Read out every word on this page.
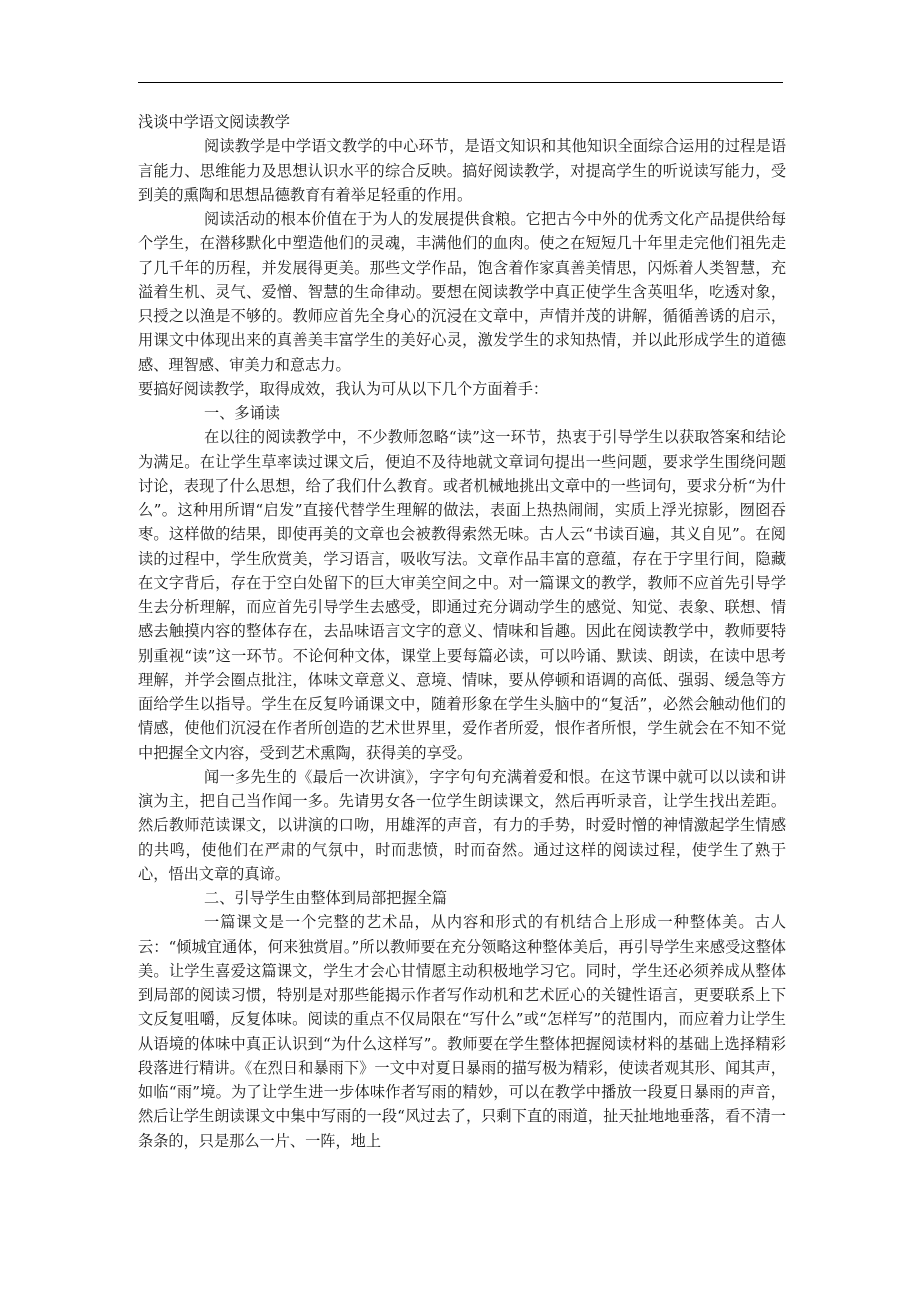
浅谈中学语文阅读教学

阅读教学是中学语文教学的中心环节，是语文知识和其他知识全面综合运用的过程是语言能力、思维能力及思想认识水平的综合反映。搞好阅读教学，对提高学生的听说读写能力，受到美的熏陶和思想品德教育有着举足轻重的作用。

阅读活动的根本价值在于为人的发展提供食粮。它把古今中外的优秀文化产品提供给每个学生，在潜移默化中塑造他们的灵魂，丰满他们的血肉。使之在短短几十年里走完他们祖先走了几千年的历程，并发展得更美。那些文学作品，饱含着作家真善美情思，闪烁着人类智慧，充溢着生机、灵气、爱憎、智慧的生命律动。要想在阅读教学中真正使学生含英咀华，吃透对象，只授之以渔是不够的。教师应首先全身心的沉浸在文章中，声情并茂的讲解，循循善诱的启示，用课文中体现出来的真善美丰富学生的美好心灵，激发学生的求知热情，并以此形成学生的道德感、理智感、审美力和意志力。

要搞好阅读教学，取得成效，我认为可从以下几个方面着手：

一、多诵读

在以往的阅读教学中，不少教师忽略“读”这一环节，热衷于引导学生以获取答案和结论为满足。在让学生草率读过课文后，便迫不及待地就文章词句提出一些问题，要求学生围绕问题讨论，表现了什么思想，给了我们什么教育。或者机械地挑出文章中的一些词句，要求分析“为什么”。这种用所谓“启发”直接代替学生理解的做法，表面上热热闹闹，实质上浮光掠影，囫囵吞枣。这样做的结果，即使再美的文章也会被教得索然无味。古人云“书读百遍，其义自见”。在阅读的过程中，学生欣赏美，学习语言，吸收写法。文章作品丰富的意蕴，存在于字里行间，隐藏在文字背后，存在于空白处留下的巨大审美空间之中。对一篇课文的教学，教师不应首先引导学生去分析理解，而应首先引导学生去感受，即通过充分调动学生的感觉、知觉、表象、联想、情感去触摸内容的整体存在，去品味语言文字的意义、情味和旨趣。因此在阅读教学中，教师要特别重视“读”这一环节。不论何种文体，课堂上要每篇必读，可以吟诵、默读、朗读，在读中思考理解，并学会圈点批注，体味文章意义、意境、情味，要从停顿和语调的高低、强弱、缓急等方面给学生以指导。学生在反复吟诵课文中，随着形象在学生头脑中的“复活”，必然会触动他们的情感，使他们沉浸在作者所创造的艺术世界里，爱作者所爱，恨作者所恨，学生就会在不知不觉中把握全文内容，受到艺术熏陶，获得美的享受。

闻一多先生的《最后一次讲演》，字字句句充满着爱和恨。在这节课中就可以以读和讲演为主，把自己当作闻一多。先请男女各一位学生朗读课文，然后再听录音，让学生找出差距。然后教师范读课文，以讲演的口吻，用雄浑的声音，有力的手势，时爱时憎的神情激起学生情感的共鸣，使他们在严肃的气氛中，时而悲愤，时而奋然。通过这样的阅读过程，使学生了熟于心，悟出文章的真谛。

二、引导学生由整体到局部把握全篇

一篇课文是一个完整的艺术品，从内容和形式的有机结合上形成一种整体美。古人云：“倾城宜通体，何来独赏眉。”所以教师要在充分领略这种整体美后，再引导学生来感受这整体美。让学生喜爱这篇课文，学生才会心甘情愿主动积极地学习它。同时，学生还必须养成从整体到局部的阅读习惯，特别是对那些能揭示作者写作动机和艺术匠心的关键性语言，更要联系上下文反复咀嚼，反复体味。阅读的重点不仅局限在“写什么”或“怎样写”的范围内，而应着力让学生从语境的体味中真正认识到“为什么这样写”。教师要在学生整体把握阅读材料的基础上选择精彩段落进行精讲。《在烈日和暴雨下》一文中对夏日暴雨的描写极为精彩，使读者观其形、闻其声，如临“雨”境。为了让学生进一步体味作者写雨的精妙，可以在教学中播放一段夏日暴雨的声音，然后让学生朗读课文中集中写雨的一段“风过去了，只剩下直的雨道，扯天扯地地垂落，看不清一条条的，只是那么一片、一阵，地上
